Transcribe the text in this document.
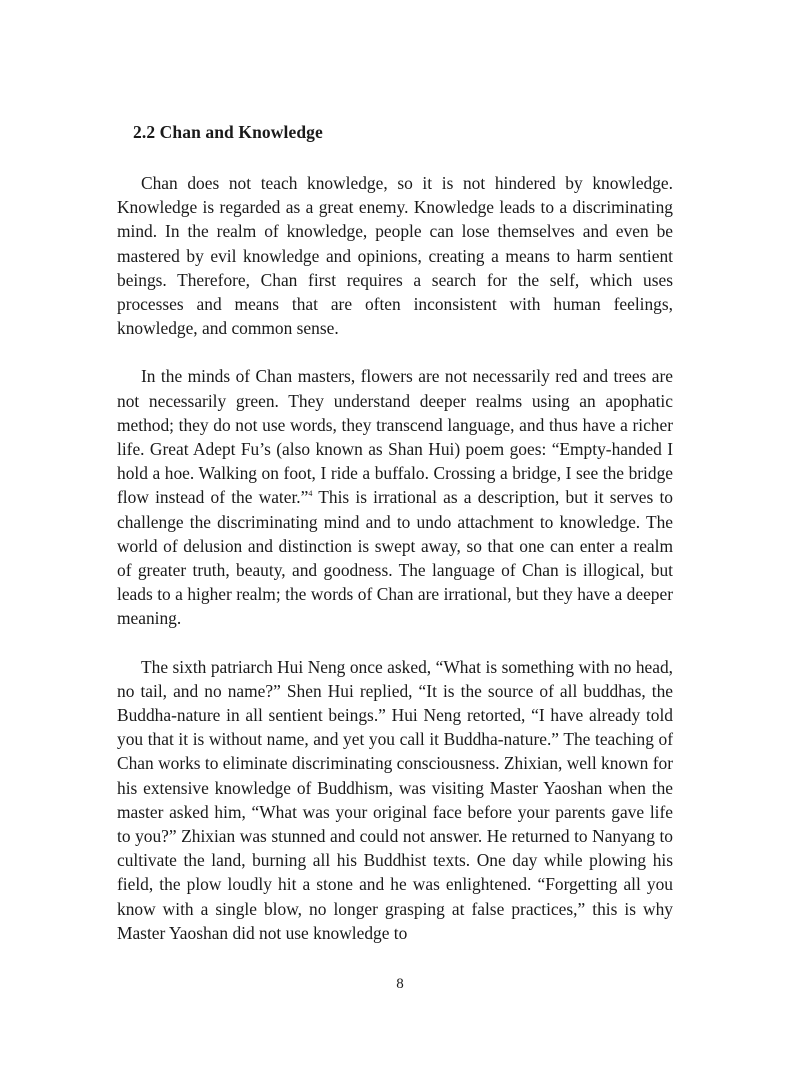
2.2 Chan and Knowledge

Chan does not teach knowledge, so it is not hindered by knowledge. Knowledge is regarded as a great enemy. Knowledge leads to a discriminating mind. In the realm of knowledge, people can lose themselves and even be mastered by evil knowledge and opinions, creating a means to harm sentient beings. Therefore, Chan first requires a search for the self, which uses processes and means that are often inconsistent with human feelings, knowledge, and common sense.

In the minds of Chan masters, flowers are not necessarily red and trees are not necessarily green. They understand deeper realms using an apophatic method; they do not use words, they transcend language, and thus have a richer life. Great Adept Fu’s (also known as Shan Hui) poem goes: “Empty-handed I hold a hoe. Walking on foot, I ride a buffalo. Crossing a bridge, I see the bridge flow instead of the water.”$^4$ This is irrational as a description, but it serves to challenge the discriminating mind and to undo attachment to knowledge. The world of delusion and distinction is swept away, so that one can enter a realm of greater truth, beauty, and goodness. The language of Chan is illogical, but leads to a higher realm; the words of Chan are irrational, but they have a deeper meaning.

The sixth patriarch Hui Neng once asked, “What is something with no head, no tail, and no name?” Shen Hui replied, “It is the source of all buddhas, the Buddha-nature in all sentient beings.” Hui Neng retorted, “I have already told you that it is without name, and yet you call it Buddha-nature.” The teaching of Chan works to eliminate discriminating consciousness. Zhixian, well known for his extensive knowledge of Buddhism, was visiting Master Yaoshan when the master asked him, “What was your original face before your parents gave life to you?” Zhixian was stunned and could not answer. He returned to Nanyang to cultivate the land, burning all his Buddhist texts. One day while plowing his field, the plow loudly hit a stone and he was enlightened. “Forgetting all you know with a single blow, no longer grasping at false practices,” this is why Master Yaoshan did not use knowledge to

8
